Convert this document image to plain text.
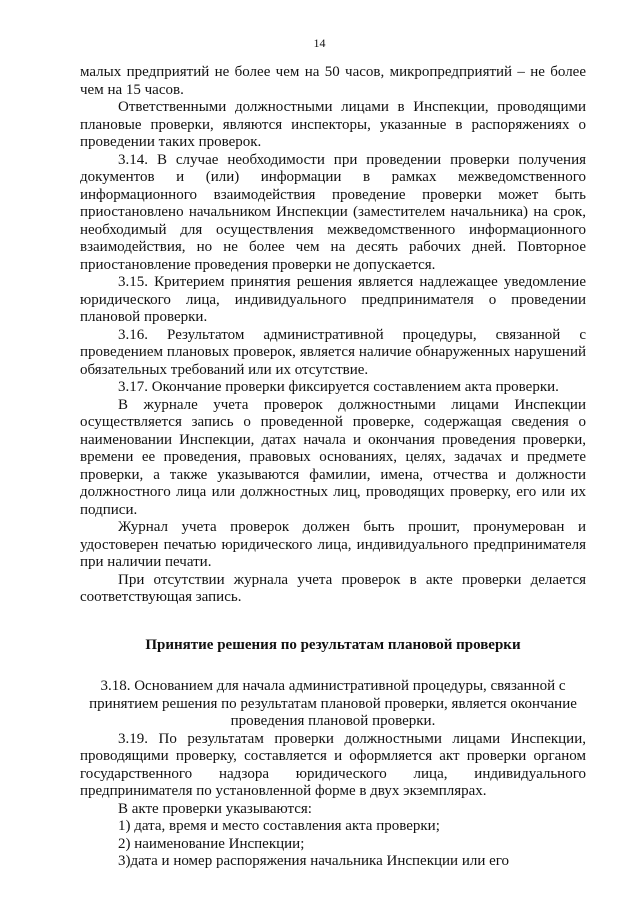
14

малых предприятий не более чем на 50 часов, микропредприятий – не более чем на 15 часов.

Ответственными должностными лицами в Инспекции, проводящими плановые проверки, являются инспекторы, указанные в распоряжениях о проведении таких проверок.

3.14. В случае необходимости при проведении проверки получения документов и (или) информации в рамках межведомственного информационного взаимодействия проведение проверки может быть приостановлено начальником Инспекции (заместителем начальника) на срок, необходимый для осуществления межведомственного информационного взаимодействия, но не более чем на десять рабочих дней. Повторное приостановление проведения проверки не допускается.

3.15. Критерием принятия решения является надлежащее уведомление юридического лица, индивидуального предпринимателя о проведении плановой проверки.

3.16. Результатом административной процедуры, связанной с проведением плановых проверок, является наличие обнаруженных нарушений обязательных требований или их отсутствие.

3.17. Окончание проверки фиксируется составлением акта проверки.

В журнале учета проверок должностными лицами Инспекции осуществляется запись о проведенной проверке, содержащая сведения о наименовании Инспекции, датах начала и окончания проведения проверки, времени ее проведения, правовых основаниях, целях, задачах и предмете проверки, а также указываются фамилии, имена, отчества и должности должностного лица или должностных лиц, проводящих проверку, его или их подписи.

Журнал учета проверок должен быть прошит, пронумерован и удостоверен печатью юридического лица, индивидуального предпринимателя при наличии печати.

При отсутствии журнала учета проверок в акте проверки делается соответствующая запись.

Принятие решения по результатам плановой проверки

3.18. Основанием для начала административной процедуры, связанной с принятием решения по результатам плановой проверки, является окончание проведения плановой проверки.

3.19. По результатам проверки должностными лицами Инспекции, проводящими проверку, составляется и оформляется акт проверки органом государственного надзора юридического лица, индивидуального предпринимателя по установленной форме в двух экземплярах.

В акте проверки указываются:

1) дата, время и место составления акта проверки;

2) наименование Инспекции;

3)дата и номер распоряжения начальника Инспекции или его
